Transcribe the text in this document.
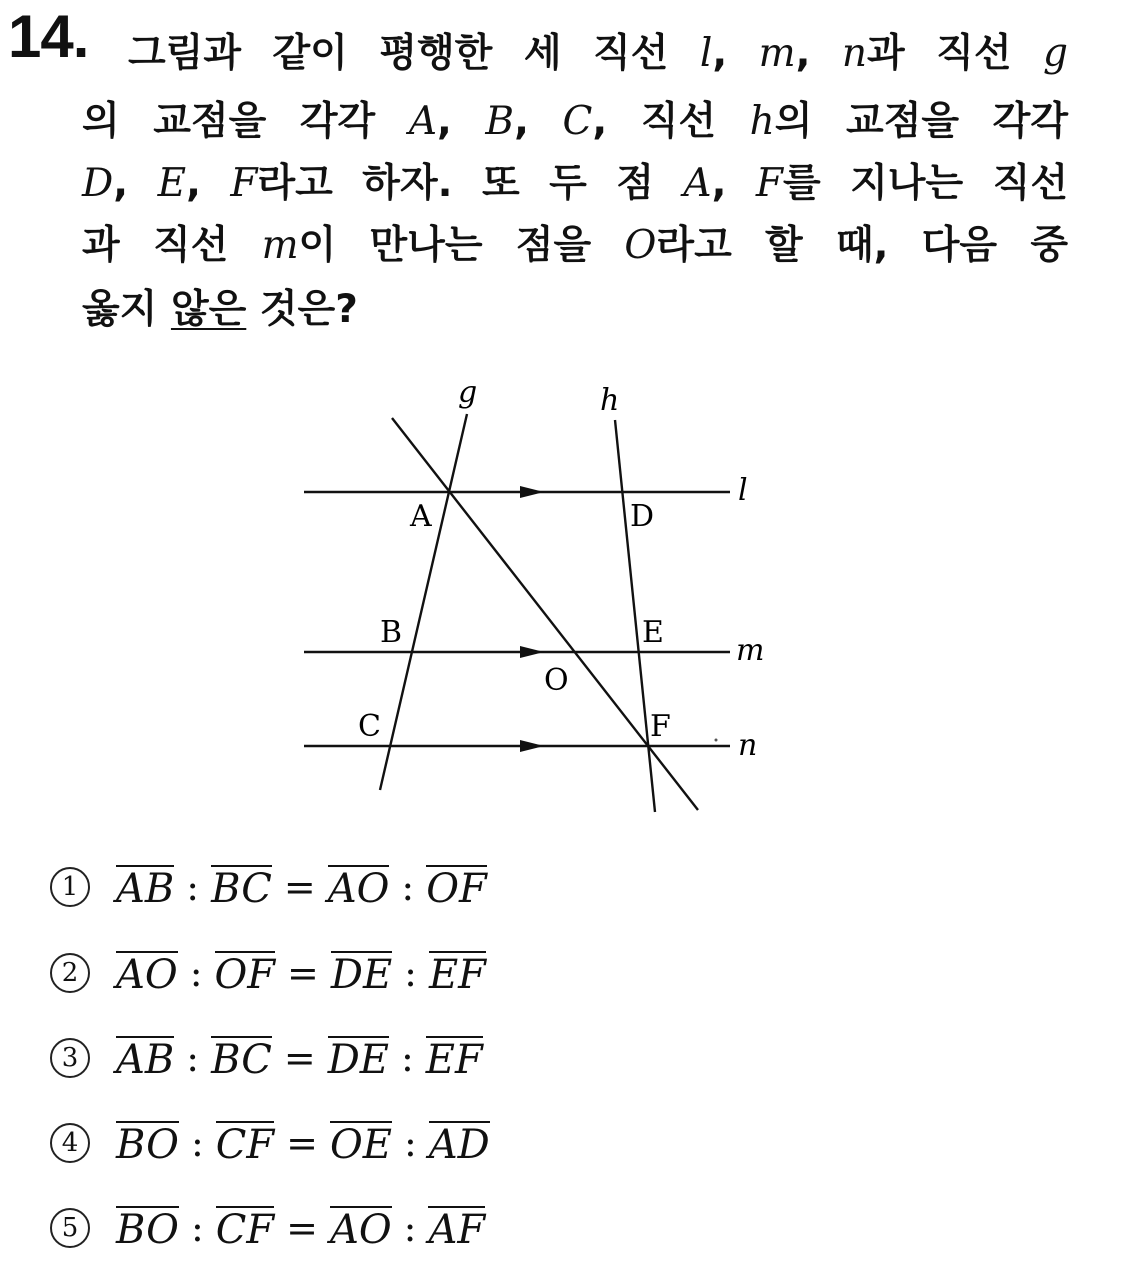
14. 그림과 같이 평행한 세 직선 l, m, n과 직선 g
의 교점을 각각 A, B, C, 직선 h의 교점을 각각
D, E, F라고 하자. 또 두 점 A, F를 지나는 직선
과 직선 m이 만나는 점을 O라고 할 때, 다음 중
옳지 않은 것은?
g	h
l
m
n
A
B
C
D
E
F
O
1 AB : BC = AO : OF
2 AO : OF = DE : EF
3 AB : BC = DE : EF
4 BO : CF = OE : AD
5 BO : CF = AO : AF
